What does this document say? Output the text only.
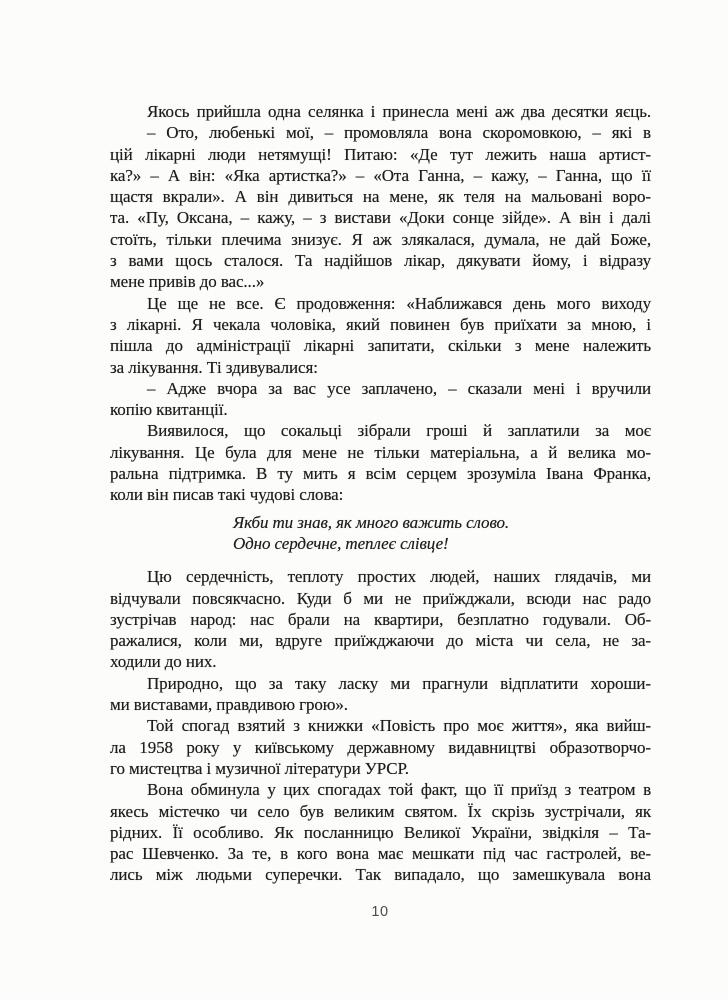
Якось прийшла одна селянка і принесла мені аж два десятки яєць.
– Ото, любенькі мої, – промовляла вона скоромовкою, – які в
цій лікарні люди нетямущі! Питаю: «Де тут лежить наша артист-
ка?» – А він: «Яка артистка?» – «Ота Ганна, – кажу, – Ганна, що її
щастя вкрали». А він дивиться на мене, як теля на мальовані воро-
та. «Пу, Оксана, – кажу, – з вистави «Доки сонце зійде». А він і далі
стоїть, тільки плечима знизує. Я аж злякалася, думала, не дай Боже,
з вами щось сталося. Та надійшов лікар, дякувати йому, і відразу
мене привів до вас...»
Це ще не все. Є продовження: «Наближався день мого виходу
з лікарні. Я чекала чоловіка, який повинен був приїхати за мною, і
пішла до адміністрації лікарні запитати, скільки з мене належить
за лікування. Ті здивувалися:
– Адже вчора за вас усе заплачено, – сказали мені і вручили
копію квитанції.
Виявилося, що сокальці зібрали гроші й заплатили за моє
лікування. Це була для мене не тільки матеріальна, а й велика мо-
ральна підтримка. В ту мить я всім серцем зрозуміла Івана Франка,
коли він писав такі чудові слова:
Якби ти знав, як много важить слово.
Одно сердечне, теплеє слівце!
Цю сердечність, теплоту простих людей, наших глядачів, ми
відчували повсякчасно. Куди б ми не приїжджали, всюди нас радо
зустрічав народ: нас брали на квартири, безплатно годували. Об-
ражалися, коли ми, вдруге приїжджаючи до міста чи села, не за-
ходили до них.
Природно, що за таку ласку ми прагнули відплатити хороши-
ми виставами, правдивою грою».
Той спогад взятий з книжки «Повість про моє життя», яка вийш-
ла 1958 року у київському державному видавництві образотворчо-
го мистецтва і музичної літератури УРСР.
Вона обминула у цих спогадах той факт, що її приїзд з театром в
якесь містечко чи село був великим святом. Їх скрізь зустрічали, як
рідних. Її особливо. Як посланницю Великої України, звідкіля – Та-
рас Шевченко. За те, в кого вона має мешкати під час гастролей, ве-
лись між людьми суперечки. Так випадало, що замешкувала вона
10
